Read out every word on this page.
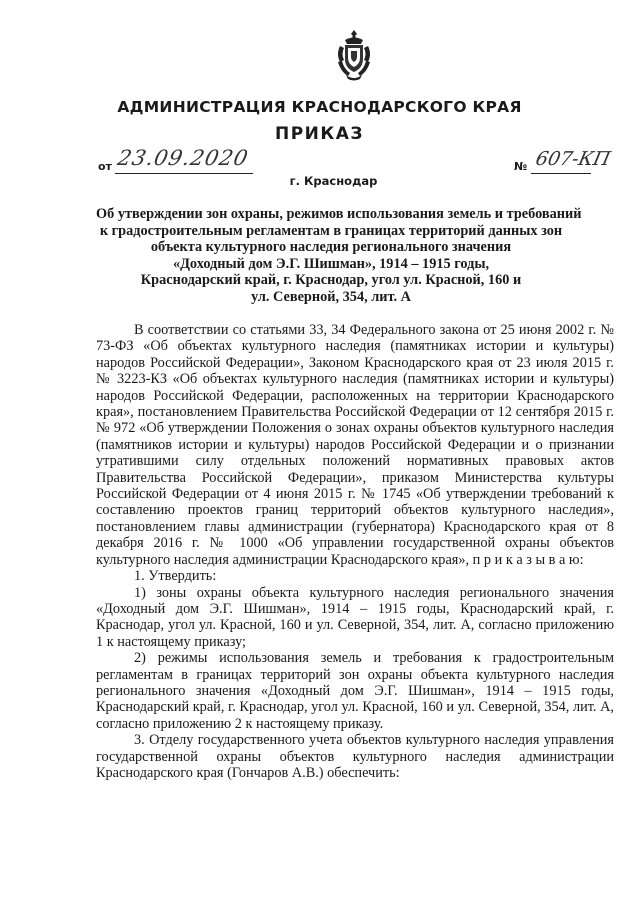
АДМИНИСТРАЦИЯ КРАСНОДАРСКОГО КРАЯ
ПРИКАЗ
от 23.09.2020	№ 607-КП
г. Краснодар
Об утверждении зон охраны, режимов использования земель и требований
к градостроительным регламентам в границах территорий данных зон
объекта культурного наследия регионального значения
«Доходный дом Э.Г. Шишман», 1914 – 1915 годы,
Краснодарский край, г. Краснодар, угол ул. Красной, 160 и
ул. Северной, 354, лит. А

В соответствии со статьями 33, 34 Федерального закона от 25 июня 2002 г. № 73-ФЗ «Об объектах культурного наследия (памятниках истории и культуры) народов Российской Федерации», Законом Краснодарского края от 23 июля 2015 г. № 3223-КЗ «Об объектах культурного наследия (памятниках истории и культуры) народов Российской Федерации, расположенных на территории Краснодарского края», постановлением Правительства Российской Федерации от 12 сентября 2015 г. № 972 «Об утверждении Положения о зонах охраны объектов культурного наследия (памятников истории и культуры) народов Российской Федерации и о признании утратившими силу отдельных положений нормативных правовых актов Правительства Российской Федерации», приказом Министерства культуры Российской Федерации от 4 июня 2015 г. № 1745 «Об утверждении требований к составлению проектов границ территорий объектов культурного наследия», постановлением главы администрации (губернатора) Краснодарского края от 8 декабря 2016 г. № 1000 «Об управлении государственной охраны объектов культурного наследия администрации Краснодарского края», п р и к а з ы в а ю:

1. Утвердить:

1) зоны охраны объекта культурного наследия регионального значения «Доходный дом Э.Г. Шишман», 1914 – 1915 годы, Краснодарский край, г. Краснодар, угол ул. Красной, 160 и ул. Северной, 354, лит. А, согласно приложению 1 к настоящему приказу;

2) режимы использования земель и требования к градостроительным регламентам в границах территорий зон охраны объекта культурного наследия регионального значения «Доходный дом Э.Г. Шишман», 1914 – 1915 годы, Краснодарский край, г. Краснодар, угол ул. Красной, 160 и ул. Северной, 354, лит. А, согласно приложению 2 к настоящему приказу.

3. Отделу государственного учета объектов культурного наследия управления государственной охраны объектов культурного наследия администрации Краснодарского края (Гончаров А.В.) обеспечить:
